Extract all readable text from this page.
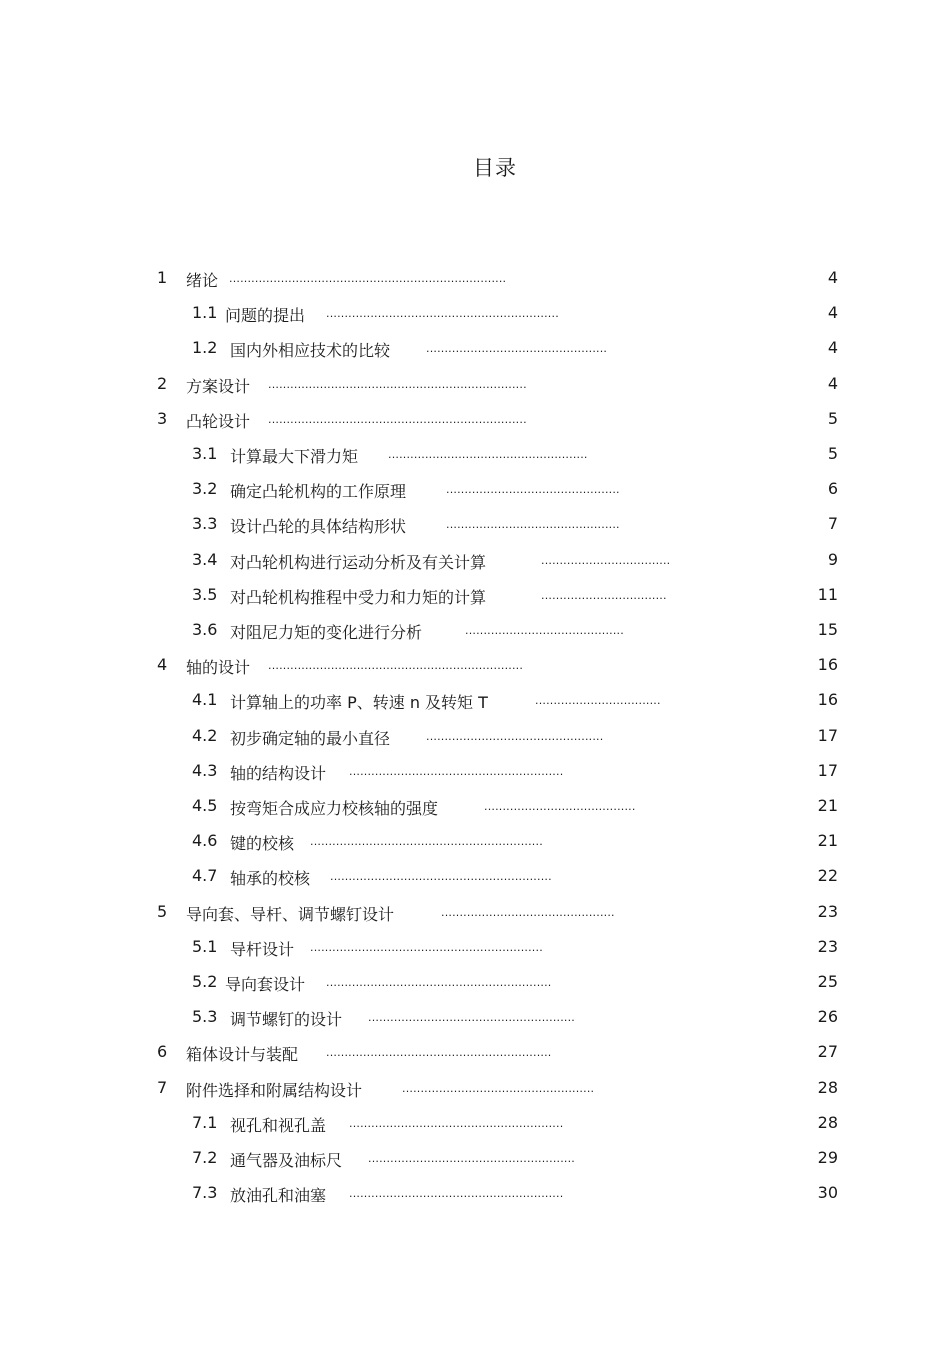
目录
1 绪论 ...........................................................................	4
1.1 问题的提出 ...............................................................	4
1.2 国内外相应技术的比较	.................................................	4
2 方案设计 ......................................................................	4
3 凸轮设计 ......................................................................	5
3.1 计算最大下滑力矩	......................................................	5
3.2 确定凸轮机构的工作原理	...............................................	6
3.3 设计凸轮的具体结构形状	...............................................	7
3.4 对凸轮机构进行运动分析及有关计算	...................................	9
3.5 对凸轮机构推程中受力和力矩的计算	..................................	11
3.6 对阻尼力矩的变化进行分析	...........................................	15
4 轴的设计 .....................................................................	16
4.1 计算轴上的功率 P、转速 n 及转矩 T	..................................	16
4.2 初步确定轴的最小直径	................................................	17
4.3 轴的结构设计 ..........................................................	17
4.5 按弯矩合成应力校核轴的强度	.........................................	21
4.6 键的校核 ...............................................................	21
4.7 轴承的校核 ............................................................	22
5 导向套、导杆、调节螺钉设计	...............................................	23
5.1 导杆设计 ...............................................................	23
5.2 导向套设计 .............................................................	25
5.3 调节螺钉的设计 ........................................................	26
6 箱体设计与装配	.............................................................	27
7 附件选择和附属结构设计	....................................................	28
7.1 视孔和视孔盖 ..........................................................	28
7.2 通气器及油标尺 ........................................................	29
7.3 放油孔和油塞 ..........................................................	30
